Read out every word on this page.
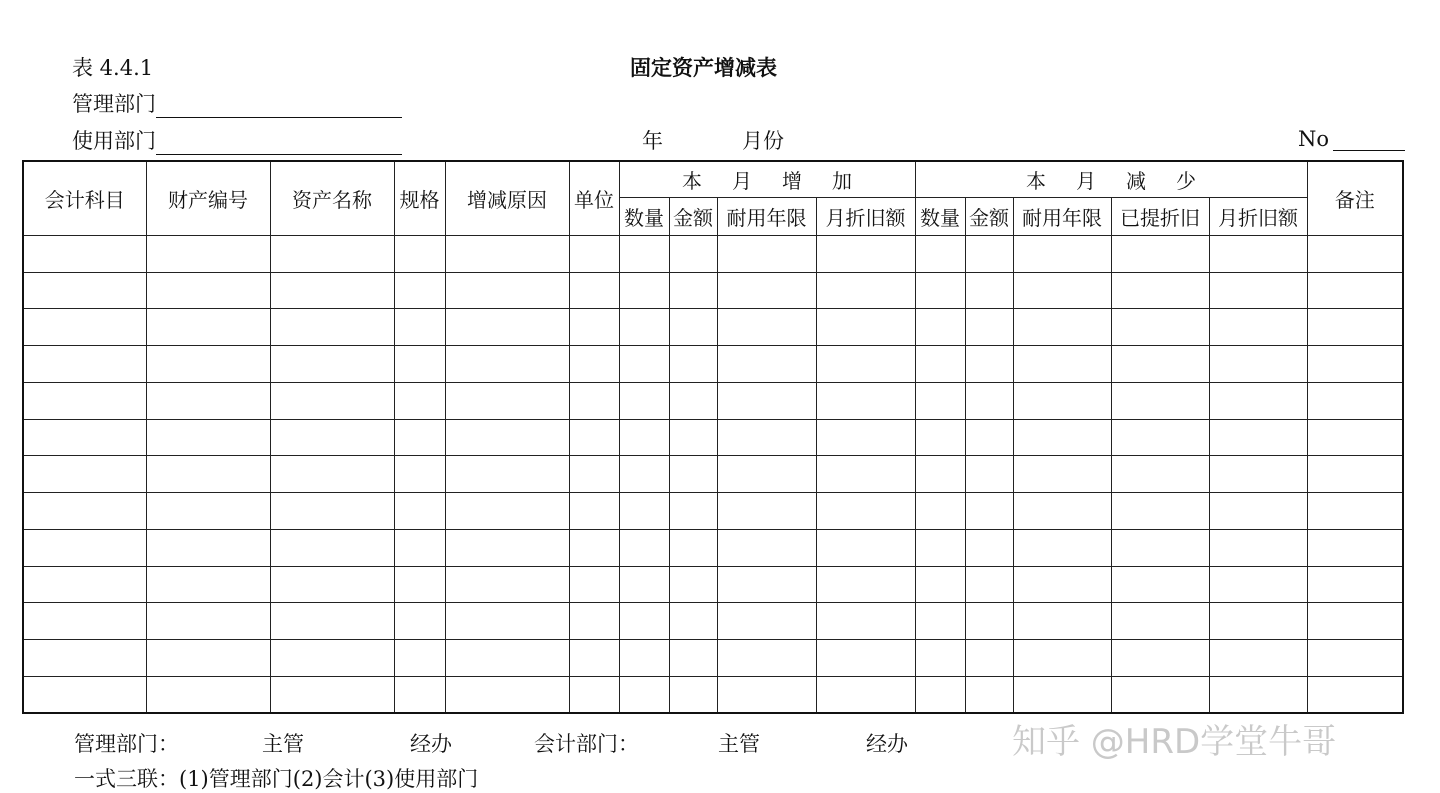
表 4.4.1	固定资产增减表
管理部门
使用部门	年	月份	No
会计科目	财产编号	资产名称	规格	增减原因	单位	本月增加				本月减少					备注
						数量	金额	耐用年限	月折旧额	数量	金额	耐用年限	已提折旧	月折旧额	

管理部门：	主管	经办	会计部门：	主管	经办
一式三联：(1)管理部门(2)会计(3)使用部门
知乎 @HRD学堂牛哥
